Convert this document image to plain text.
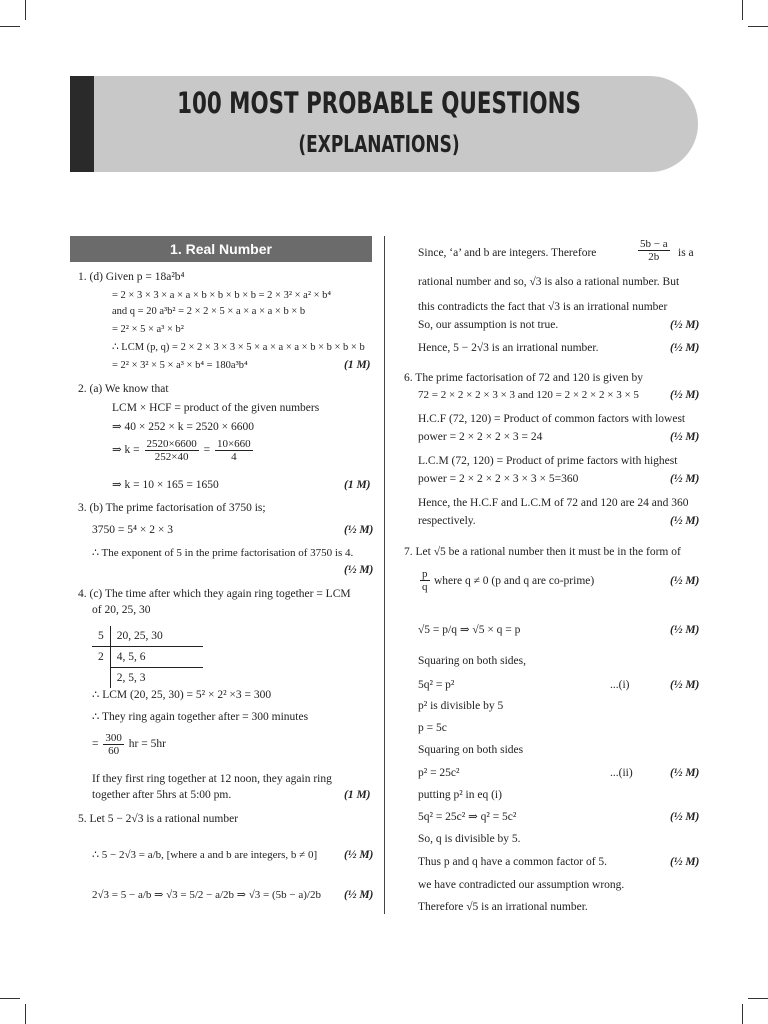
100 MOST PROBABLE QUESTIONS
(EXPLANATIONS)
1. Real Number
1. (d) Given p = 18a²b⁴
= 2 × 3 × 3 × a × a × b × b × b × b = 2 × 3² × a² × b⁴
and q = 20 a³b² = 2 × 2 × 5 × a × a × a × b × b
= 2² × 5 × a³ × b²
∴ LCM (p, q) = 2 × 2 × 3 × 3 × 5 × a × a × a × b × b × b × b
= 2² × 3² × 5 × a³ × b⁴ = 180a³b⁴	(1 M)
2. (a) We know that
LCM × HCF = product of the given numbers
⇒ 40 × 252 × k = 2520 × 6600
⇒ $k = \frac{2520\times 6600}{252\times 40} = \frac{10\times 660}{4}$
⇒ k = 10 × 165 = 1650	(1 M)
3. (b) The prime factorisation of 3750 is;
3750 = 5⁴ × 2 × 3	(½ M)
∴ The exponent of 5 in the prime factorisation of 3750 is 4.
(½ M)
4. (c) The time after which they again ring together = LCM
of 20, 25, 30
5	20, 25, 30
2	4, 5, 6
	2, 5, 3
∴ LCM (20, 25, 30) = 5² × 2² ×3 = 300
∴ They ring again together after = 300 minutes
= $\frac{300}{60}$ hr = 5hr
If they first ring together at 12 noon, they again ring
together after 5hrs at 5:00 pm.	(1 M)
5. Let 5 − 2√3 is a rational number
∴ 5 − 2√3 = a/b, [where a and b are integers, b ≠ 0] (½ M)
2√3 = 5 − a/b ⇒ √3 = 5/2 − a/2b ⇒ √3 = (5b − a)/2b (½ M)
Since, ‘a’ and b are integers. Therefore	$\frac{5b - a}{2b}$ is a
rational number and so, √3 is also a rational number. But
this contradicts the fact that √3 is an irrational number
So, our assumption is not true.	(½ M)
Hence, 5 − 2√3 is an irrational number.	(½ M)
6. The prime factorisation of 72 and 120 is given by
72 = 2 × 2 × 2 × 3 × 3 and 120 = 2 × 2 × 2 × 3 × 5	(½ M)
H.C.F (72, 120) = Product of common factors with lowest
power = 2 × 2 × 2 × 3 = 24	(½ M)
L.C.M (72, 120) = Product of prime factors with highest
power = 2 × 2 × 2 × 3 × 3 × 5=360	(½ M)
Hence, the H.C.F and L.C.M of 72 and 120 are 24 and 360
respectively.	(½ M)
7. Let √5 be a rational number then it must be in the form of
$\frac{p}{q}$ where q ≠ 0 (p and q are co-prime)	(½ M)
√5 = p/q ⇒ √5 × q = p	(½ M)
Squaring on both sides,
5q² = p²	...(i)	(½ M)
p² is divisible by 5
p = 5c
Squaring on both sides
p² = 25c²	...(ii)	(½ M)
putting p² in eq (i)
5q² = 25c² ⇒ q² = 5c²	(½ M)
So, q is divisible by 5.
Thus p and q have a common factor of 5.	(½ M)
we have contradicted our assumption wrong.
Therefore √5 is an irrational number.
